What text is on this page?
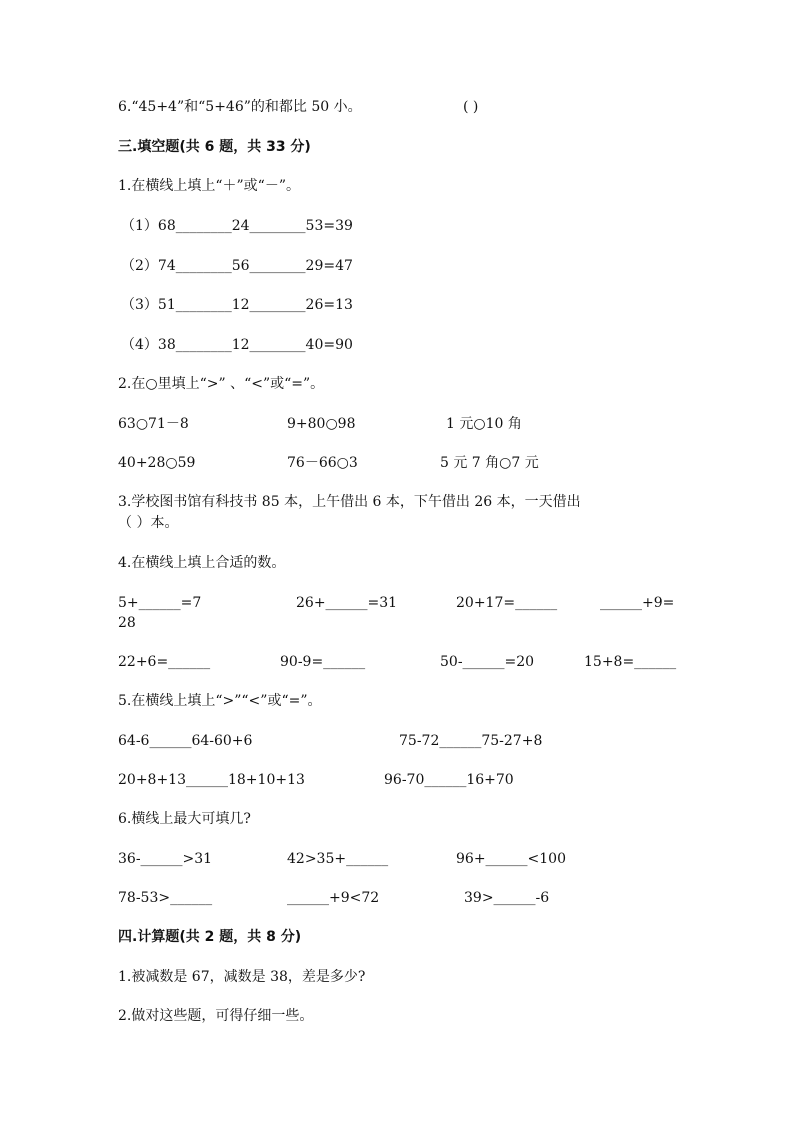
6.“45+4”和“5+46”的和都比 50 小。	( )
三.填空题(共 6 题，共 33 分)
1.在横线上填上“＋”或“－”。
（1）68________24________53=39
（2）74________56________29=47
（3）51________12________26=13
（4）38________12________40=90
2.在○里填上“>” 、“<”或“=”。
63○71－8	9+80○98	1 元○10 角
40+28○59	76－66○3	5 元 7 角○7 元
3.学校图书馆有科技书 85 本，上午借出 6 本，下午借出 26 本，一天借出
（ ）本。
4.在横线上填上合适的数。
5+______=7	26+______=31	20+17=______	______+9=
28
22+6=______	90-9=______	50-______=20	15+8=______
5.在横线上填上“>”“<”或“=”。
64-6______64-60+6	75-72______75-27+8
20+8+13______18+10+13	96-70______16+70
6.横线上最大可填几?
36-______>31	42>35+______	96+______<100
78-53>______	______+9<72	39>______-6
四.计算题(共 2 题，共 8 分)
1.被减数是 67，减数是 38，差是多少?
2.做对这些题，可得仔细一些。
